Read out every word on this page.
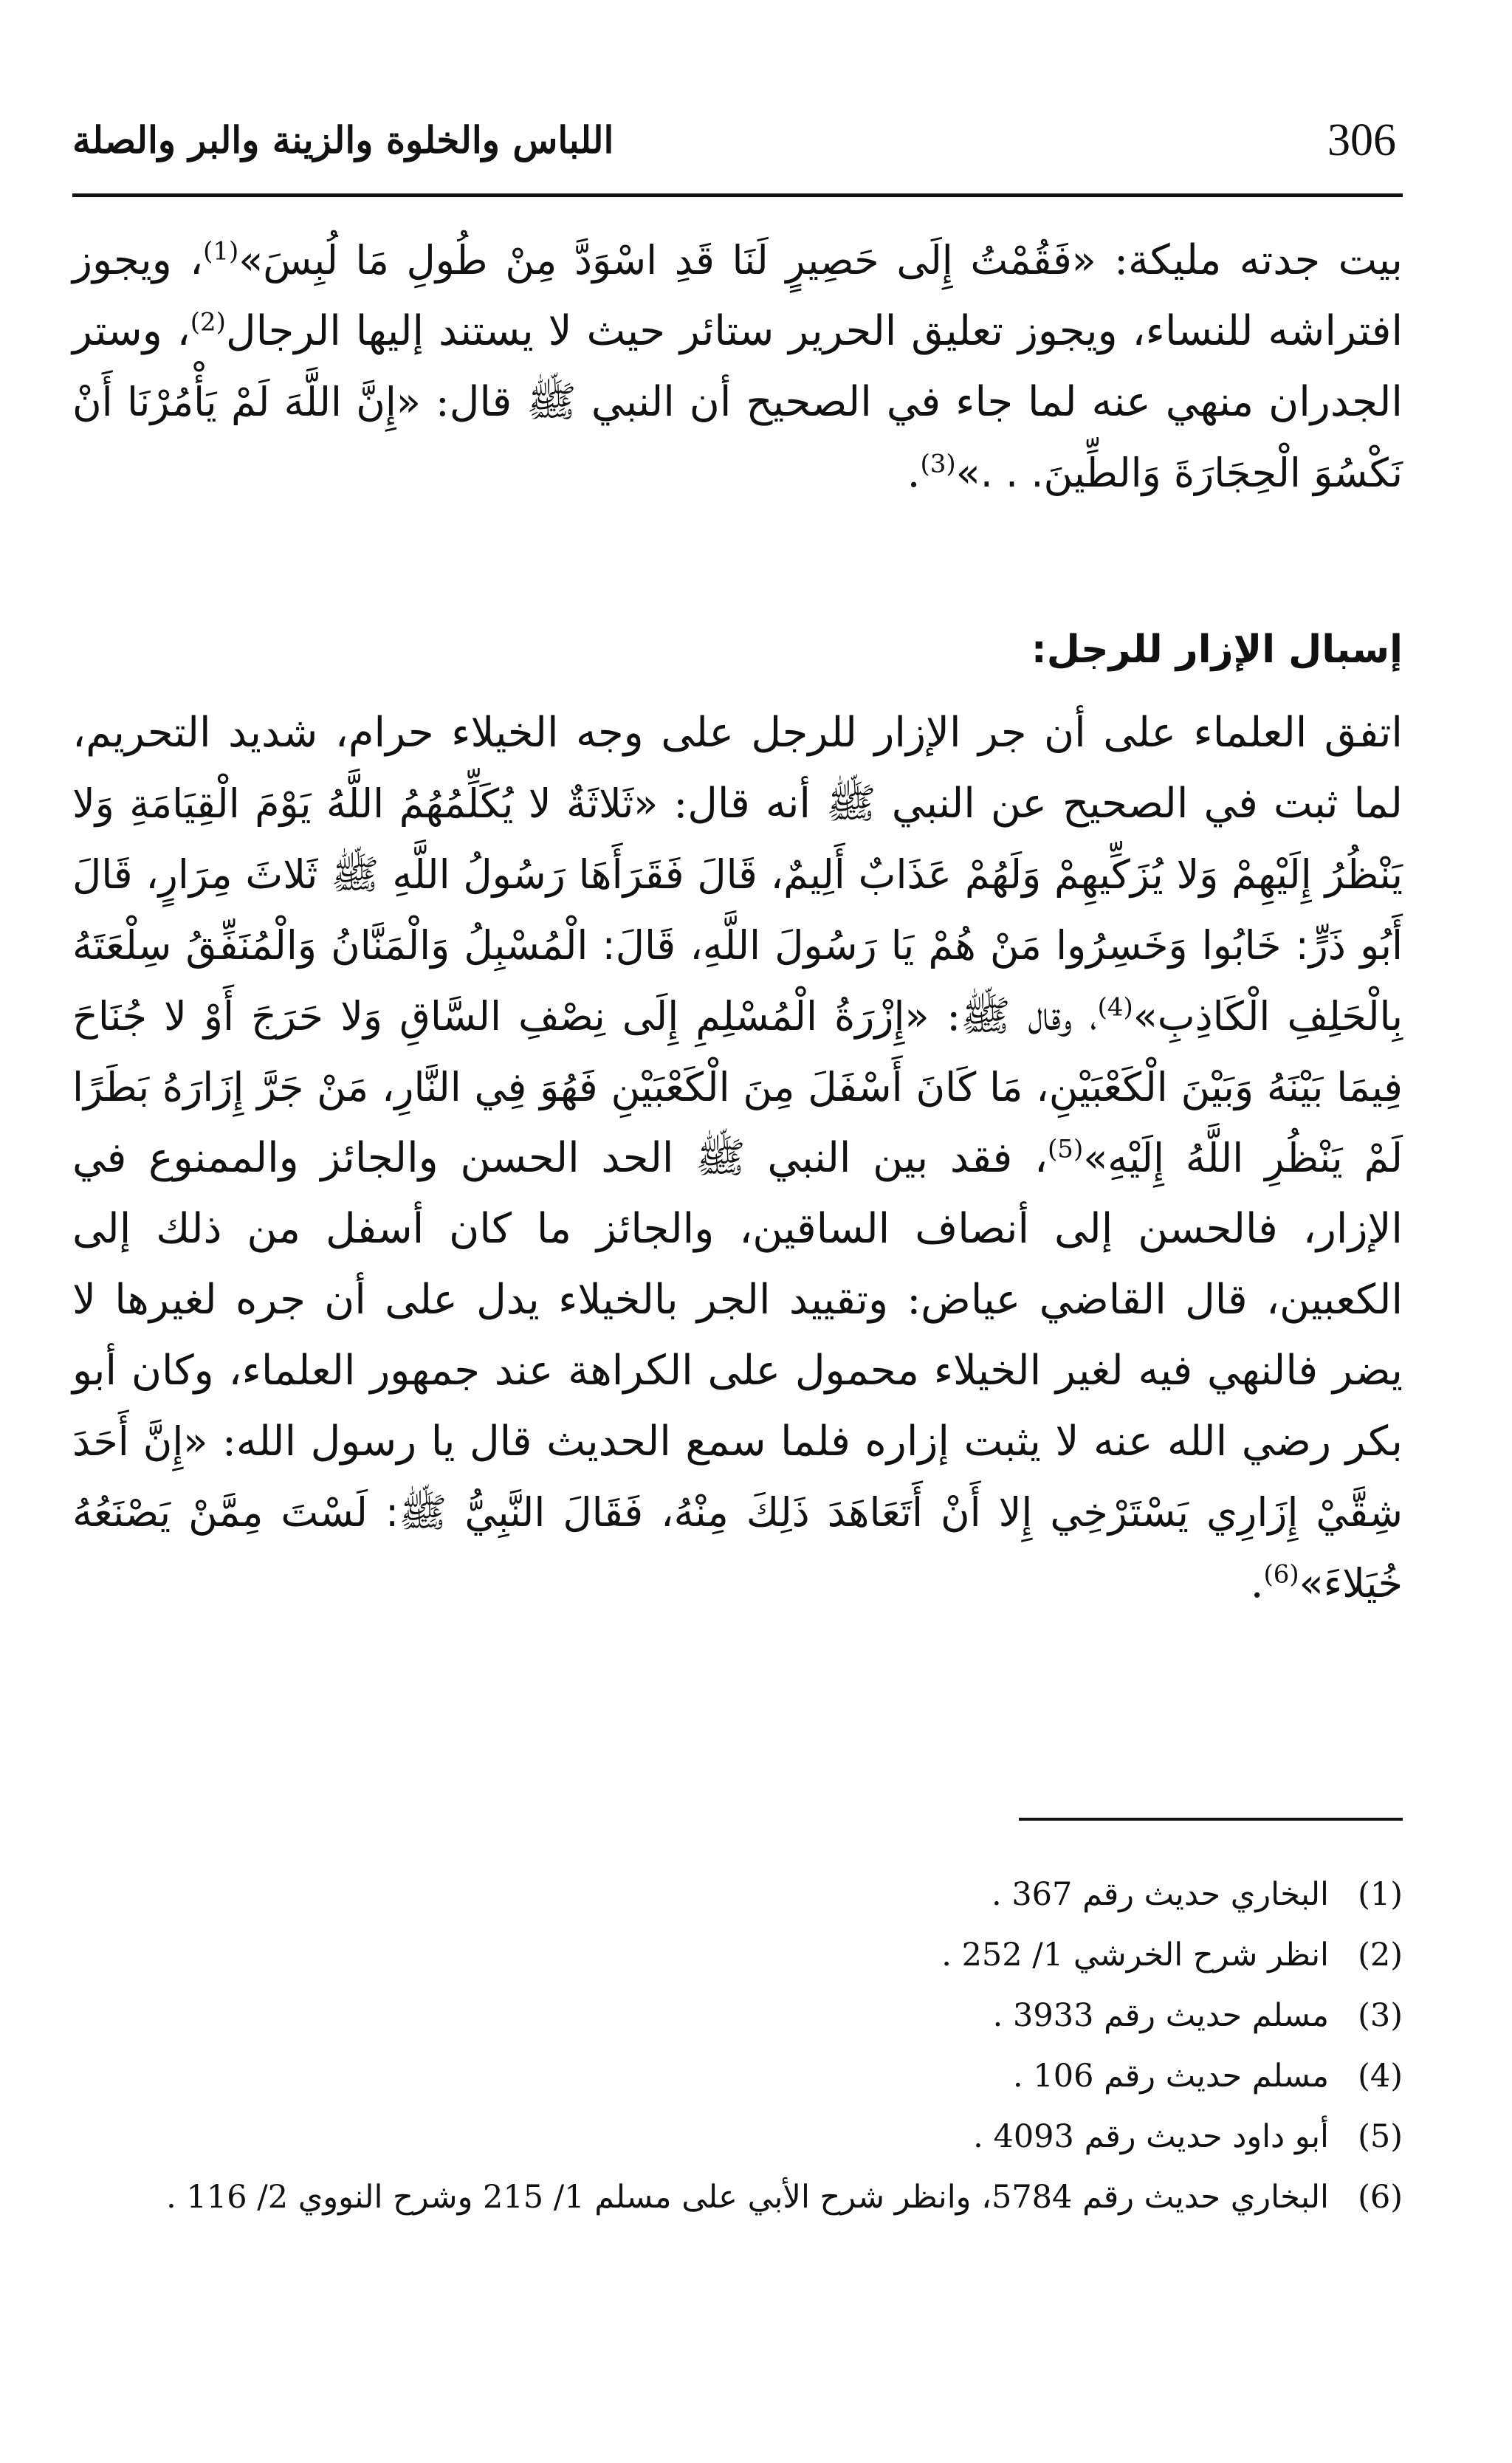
اللباس والخلوة والزينة والبر والصلة	306

بيت جدته مليكة: «فَقُمْتُ إِلَى حَصِيرٍ لَنَا قَدِ اسْوَدَّ مِنْ طُولِ مَا لُبِسَ»$^{(1)}$، ويجوز افتراشه للنساء، ويجوز تعليق الحرير ستائر حيث لا يستند إليها الرجال$^{(2)}$، وستر الجدران منهي عنه لما جاء في الصحيح أن النبي ﷺ قال: «إِنَّ اللَّهَ لَمْ يَأْمُرْنَا أَنْ نَكْسُوَ الْحِجَارَةَ وَالطِّينَ. . .»$^{(3)}$.

إسبال الإزار للرجل:

اتفق العلماء على أن جر الإزار للرجل على وجه الخيلاء حرام، شديد التحريم، لما ثبت في الصحيح عن النبي ﷺ أنه قال: «ثَلاثَةٌ لا يُكَلِّمُهُمُ اللَّهُ يَوْمَ الْقِيَامَةِ وَلا يَنْظُرُ إِلَيْهِمْ وَلا يُزَكِّيهِمْ وَلَهُمْ عَذَابٌ أَلِيمٌ، قَالَ فَقَرَأَهَا رَسُولُ اللَّهِ ﷺ ثَلاثَ مِرَارٍ، قَالَ أَبُو ذَرٍّ: خَابُوا وَخَسِرُوا مَنْ هُمْ يَا رَسُولَ اللَّهِ، قَالَ: الْمُسْبِلُ وَالْمَنَّانُ وَالْمُنَفِّقُ سِلْعَتَهُ بِالْحَلِفِ الْكَاذِبِ»$^{(4)}$، وقال ﷺ: «إِزْرَةُ الْمُسْلِمِ إِلَى نِصْفِ السَّاقِ وَلا حَرَجَ أَوْ لا جُنَاحَ فِيمَا بَيْنَهُ وَبَيْنَ الْكَعْبَيْنِ، مَا كَانَ أَسْفَلَ مِنَ الْكَعْبَيْنِ فَهُوَ فِي النَّارِ، مَنْ جَرَّ إِزَارَهُ بَطَرًا لَمْ يَنْظُرِ اللَّهُ إِلَيْهِ»$^{(5)}$، فقد بين النبي ﷺ الحد الحسن والجائز والممنوع في الإزار، فالحسن إلى أنصاف الساقين، والجائز ما كان أسفل من ذلك إلى الكعبين، قال القاضي عياض: وتقييد الجر بالخيلاء يدل على أن جره لغيرها لا يضر فالنهي فيه لغير الخيلاء محمول على الكراهة عند جمهور العلماء، وكان أبو بكر رضي الله عنه لا يثبت إزاره فلما سمع الحديث قال يا رسول الله: «إِنَّ أَحَدَ شِقَّيْ إِزَارِي يَسْتَرْخِي إِلا أَنْ أَتَعَاهَدَ ذَلِكَ مِنْهُ، فَقَالَ النَّبِيُّ ﷺ: لَسْتَ مِمَّنْ يَصْنَعُهُ خُيَلاءَ»$^{(6)}$.

(1)
البخاري حديث رقم 367 .

(2)
انظر شرح الخرشي 1/ 252 .

(3)
مسلم حديث رقم 3933 .

(4)
مسلم حديث رقم 106 .

(5)
أبو داود حديث رقم 4093 .

(6)
البخاري حديث رقم 5784، وانظر شرح الأبي على مسلم 1/ 215 وشرح النووي 2/ 116 .
